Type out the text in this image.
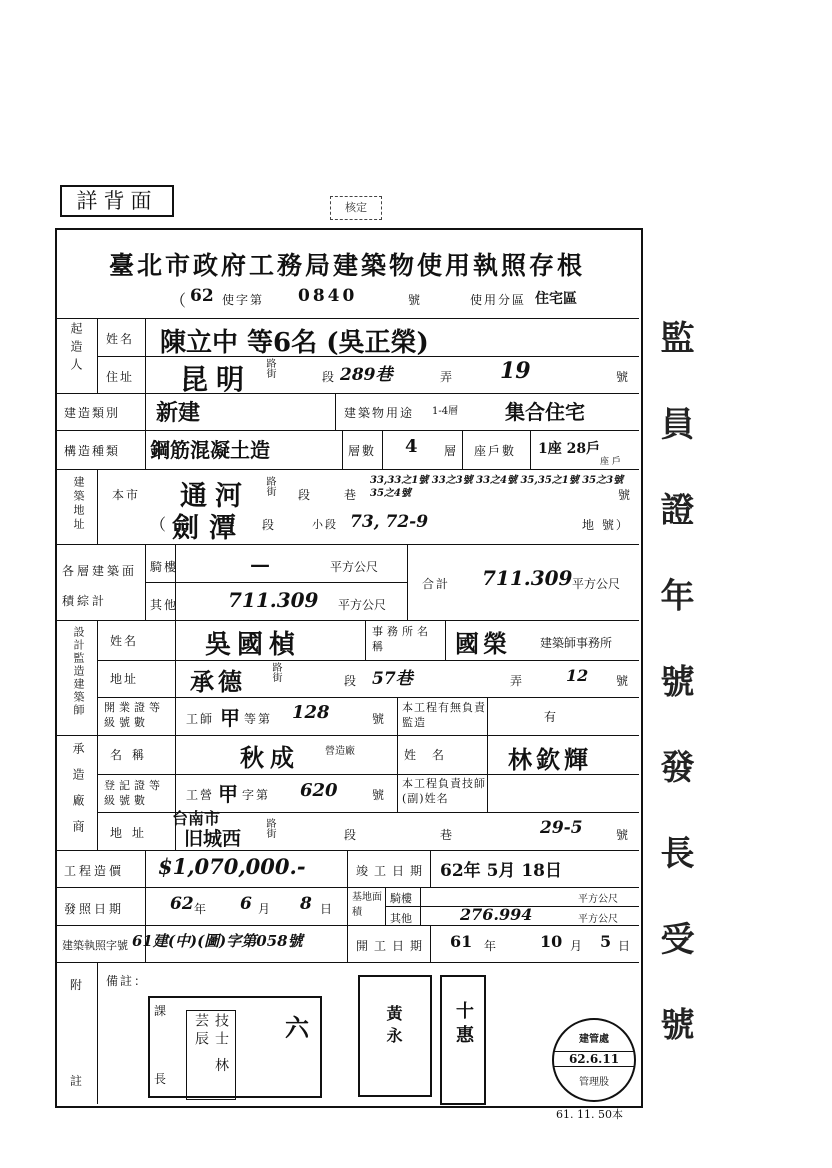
詳背面	核定
臺北市政府工務局建築物使用執照存根
（ 62 使字第 0840	號	使用分區 住宅區
起造人 姓名 陳立中 等6名 (吳正榮)
住址 昆明 路街	段 289巷	弄 19	號
建造類別 新建	建築物用途 1-4層 集合住宅
構造種類 鋼筋混凝土造	層數 4 層 座戶數 1座 28戶
座 戶
建築地址 本市 通河 路街 段	巷
33,33之1號 33之3號 33之4號 35,35之1號 35之3號 35之4號	號
（ 劍潭 段	小段 73, 72-9	地 號）
各層建築面積綜計
騎樓	—	平方公尺
其他 711.309 平方公尺
合計 711.309 平方公尺
設計監造建築師 姓名	吳國楨	事務所名稱	國榮 建築師事務所
地址 承德 路街	段 57巷	弄	12 號
開業證等級號數	工師 甲 等第 128	號
本工程有無負責監造	有
承造廠商 名稱	秋成	營造廠	姓名 林欽輝
登記證等級號數	工營 甲 字第 620	號
本工程負責技師(副)姓名
地址
台南市
旧城西 路街	段	巷	29-5	號
工程造價 $1,070,000.-	竣工日期 62年 5月 18日
發照日期	62 年 6 月 8 日
基地面積
騎樓	平方公尺
其他	276.994	平方公尺
建築執照字號 61建(中)(圖)字第058號	開工日期 61 年	10 月 5 日
附
註
備註：
課
長
技士 林 芸辰	六	黃永	十惠	建管處
62.6.11
管理股
61. 11. 50本
監 員 證 年 號 發 長 受 號
